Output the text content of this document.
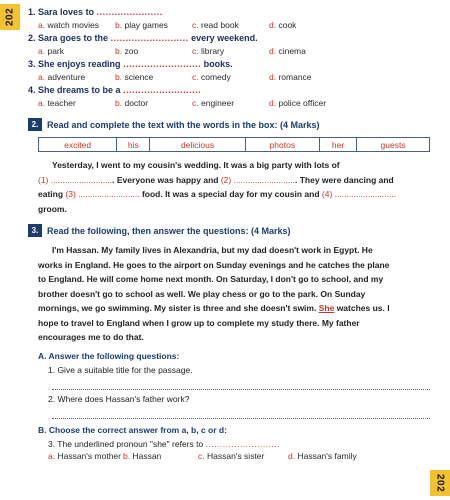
202
202

1. Sara loves to ......................

a. watch movies	b. play games	c. read book	d. cook

2. Sara goes to the .......................... every weekend.

a. park	b. zoo	c. library	d. cinema

3. She enjoys reading .......................... books.

a. adventure	b. science	c. comedy	d. romance

4. She dreams to be a ..........................

a. teacher	b. doctor	c. engineer	d. police officer
2. Read and complete the text with the words in the box: (4 Marks)
excited	his	delicious	photos	her	guests
Yesterday, I went to my cousin's wedding. It was a big party with lots of
(1) ........................... Everyone was happy and (2) ........................... They were dancing and
eating (3) .......................... food. It was a special day for my cousin and (4) ..........................
groom.
3. Read the following, then answer the questions: (4 Marks)
I'm Hassan. My family lives in Alexandria, but my dad doesn't work in Egypt. He
works in England. He goes to the airport on Sunday evenings and he catches the plane
to England. He will come home next month. On Saturday, I don't go to school, and my
brother doesn't go to school as well. We play chess or go to the park. On Sunday
mornings, we go swimming. My sister is three and she doesn't swim. She watches us. I
hope to travel to England when I grow up to complete my study there. My father
encourages me to do that.
A. Answer the following questions:
1. Give a suitable title for the passage.
2. Where does Hassan's father work?
B. Choose the correct answer from a, b, c or d:
3. The underlined pronoun "she" refers to ..........................
a. Hassan's mother b. Hassan	c. Hassan's sister	d. Hassan's family
